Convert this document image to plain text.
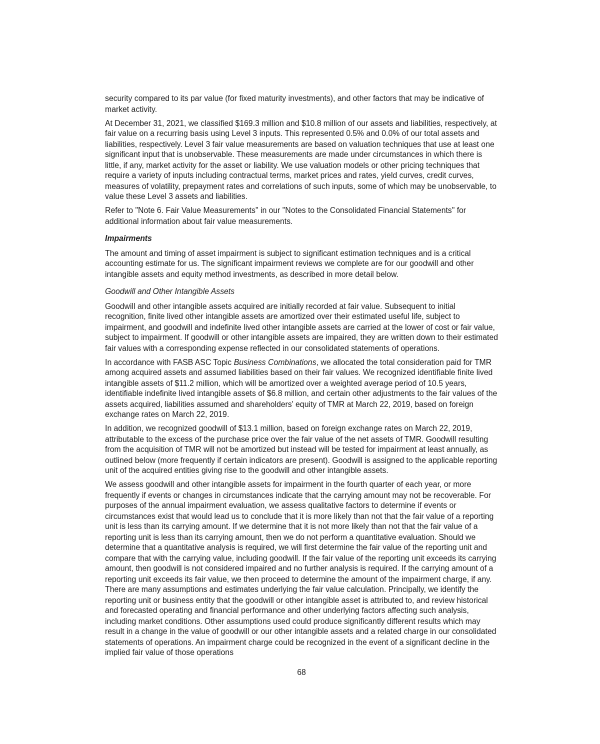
security compared to its par value (for fixed maturity investments), and other factors that may be indicative of market activity.

At December 31, 2021, we classified $169.3 million and $10.8 million of our assets and liabilities, respectively, at fair value on a recurring basis using Level 3 inputs. This represented 0.5% and 0.0% of our total assets and liabilities, respectively. Level 3 fair value measurements are based on valuation techniques that use at least one significant input that is unobservable. These measurements are made under circumstances in which there is little, if any, market activity for the asset or liability. We use valuation models or other pricing techniques that require a variety of inputs including contractual terms, market prices and rates, yield curves, credit curves, measures of volatility, prepayment rates and correlations of such inputs, some of which may be unobservable, to value these Level 3 assets and liabilities.

Refer to "Note 6. Fair Value Measurements" in our "Notes to the Consolidated Financial Statements" for additional information about fair value measurements.

Impairments

The amount and timing of asset impairment is subject to significant estimation techniques and is a critical accounting estimate for us. The significant impairment reviews we complete are for our goodwill and other intangible assets and equity method investments, as described in more detail below.

Goodwill and Other Intangible Assets

Goodwill and other intangible assets acquired are initially recorded at fair value. Subsequent to initial recognition, finite lived other intangible assets are amortized over their estimated useful life, subject to impairment, and goodwill and indefinite lived other intangible assets are carried at the lower of cost or fair value, subject to impairment. If goodwill or other intangible assets are impaired, they are written down to their estimated fair values with a corresponding expense reflected in our consolidated statements of operations.

In accordance with FASB ASC Topic Business Combinations, we allocated the total consideration paid for TMR among acquired assets and assumed liabilities based on their fair values. We recognized identifiable finite lived intangible assets of $11.2 million, which will be amortized over a weighted average period of 10.5 years, identifiable indefinite lived intangible assets of $6.8 million, and certain other adjustments to the fair values of the assets acquired, liabilities assumed and shareholders' equity of TMR at March 22, 2019, based on foreign exchange rates on March 22, 2019.

In addition, we recognized goodwill of $13.1 million, based on foreign exchange rates on March 22, 2019, attributable to the excess of the purchase price over the fair value of the net assets of TMR. Goodwill resulting from the acquisition of TMR will not be amortized but instead will be tested for impairment at least annually, as outlined below (more frequently if certain indicators are present). Goodwill is assigned to the applicable reporting unit of the acquired entities giving rise to the goodwill and other intangible assets.

We assess goodwill and other intangible assets for impairment in the fourth quarter of each year, or more frequently if events or changes in circumstances indicate that the carrying amount may not be recoverable. For purposes of the annual impairment evaluation, we assess qualitative factors to determine if events or circumstances exist that would lead us to conclude that it is more likely than not that the fair value of a reporting unit is less than its carrying amount. If we determine that it is not more likely than not that the fair value of a reporting unit is less than its carrying amount, then we do not perform a quantitative evaluation. Should we determine that a quantitative analysis is required, we will first determine the fair value of the reporting unit and compare that with the carrying value, including goodwill. If the fair value of the reporting unit exceeds its carrying amount, then goodwill is not considered impaired and no further analysis is required. If the carrying amount of a reporting unit exceeds its fair value, we then proceed to determine the amount of the impairment charge, if any. There are many assumptions and estimates underlying the fair value calculation. Principally, we identify the reporting unit or business entity that the goodwill or other intangible asset is attributed to, and review historical and forecasted operating and financial performance and other underlying factors affecting such analysis, including market conditions. Other assumptions used could produce significantly different results which may result in a change in the value of goodwill or our other intangible assets and a related charge in our consolidated statements of operations. An impairment charge could be recognized in the event of a significant decline in the implied fair value of those operations

68
